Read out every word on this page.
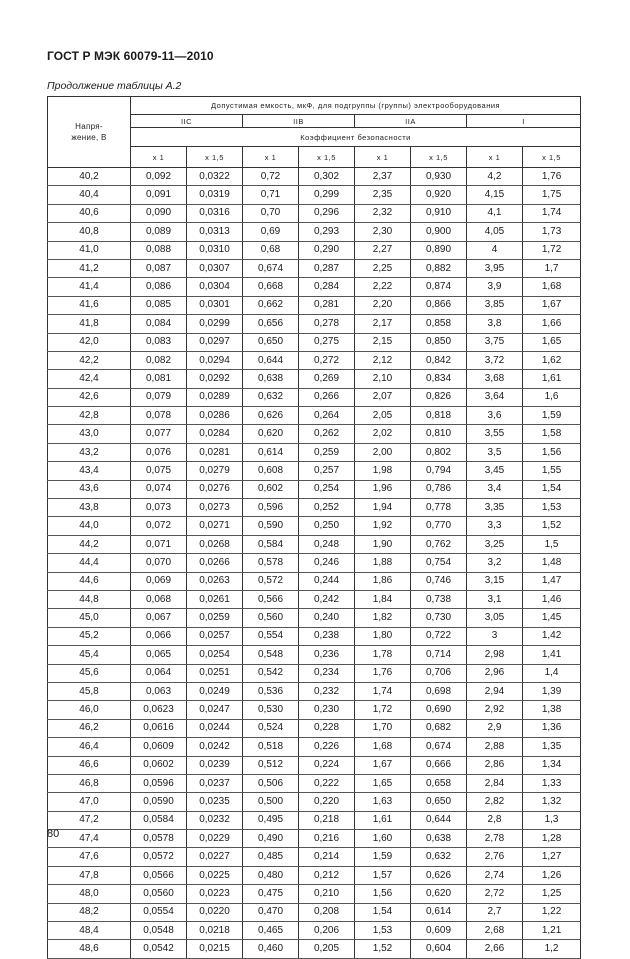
ГОСТ Р МЭК 60079-11—2010
Продолжение таблицы А.2
Напря-
жение, В	Допустимая емкость, мкФ, для подгруппы (группы) электрооборудования							
	IIC		IIB		IIA		I	
	Коэффициент безопасности							
	x 1	x 1,5	x 1	x 1,5	x 1	x 1,5	x 1	x 1,5
40,2	0,092	0,0322	0,72	0,302	2,37	0,930	4,2	1,76
40,4	0,091	0,0319	0,71	0,299	2,35	0,920	4,15	1,75
40,6	0,090	0,0316	0,70	0,296	2,32	0,910	4,1	1,74
40,8	0,089	0,0313	0,69	0,293	2,30	0,900	4,05	1,73
41,0	0,088	0,0310	0,68	0,290	2,27	0,890	4	1,72
41,2	0,087	0,0307	0,674	0,287	2,25	0,882	3,95	1,7
41,4	0,086	0,0304	0,668	0,284	2,22	0,874	3,9	1,68
41,6	0,085	0,0301	0,662	0,281	2,20	0,866	3,85	1,67
41,8	0,084	0,0299	0,656	0,278	2,17	0,858	3,8	1,66
42,0	0,083	0,0297	0,650	0,275	2,15	0,850	3,75	1,65
42,2	0,082	0,0294	0,644	0,272	2,12	0,842	3,72	1,62
42,4	0,081	0,0292	0,638	0,269	2,10	0,834	3,68	1,61
42,6	0,079	0,0289	0,632	0,266	2,07	0,826	3,64	1,6
42,8	0,078	0,0286	0,626	0,264	2,05	0,818	3,6	1,59
43,0	0,077	0,0284	0,620	0,262	2,02	0,810	3,55	1,58
43,2	0,076	0,0281	0,614	0,259	2,00	0,802	3,5	1,56
43,4	0,075	0,0279	0,608	0,257	1,98	0,794	3,45	1,55
43,6	0,074	0,0276	0,602	0,254	1,96	0,786	3,4	1,54
43,8	0,073	0,0273	0,596	0,252	1,94	0,778	3,35	1,53
44,0	0,072	0,0271	0,590	0,250	1,92	0,770	3,3	1,52
44,2	0,071	0,0268	0,584	0,248	1,90	0,762	3,25	1,5
44,4	0,070	0,0266	0,578	0,246	1,88	0,754	3,2	1,48
44,6	0,069	0,0263	0,572	0,244	1,86	0,746	3,15	1,47
44,8	0,068	0,0261	0,566	0,242	1,84	0,738	3,1	1,46
45,0	0,067	0,0259	0,560	0,240	1,82	0,730	3,05	1,45
45,2	0,066	0,0257	0,554	0,238	1,80	0,722	3	1,42
45,4	0,065	0,0254	0,548	0,236	1,78	0,714	2,98	1,41
45,6	0,064	0,0251	0,542	0,234	1,76	0,706	2,96	1,4
45,8	0,063	0,0249	0,536	0,232	1,74	0,698	2,94	1,39
46,0	0,0623	0,0247	0,530	0,230	1,72	0,690	2,92	1,38
46,2	0,0616	0,0244	0,524	0,228	1,70	0,682	2,9	1,36
46,4	0,0609	0,0242	0,518	0,226	1,68	0,674	2,88	1,35
46,6	0,0602	0,0239	0,512	0,224	1,67	0,666	2,86	1,34
46,8	0,0596	0,0237	0,506	0,222	1,65	0,658	2,84	1,33
47,0	0,0590	0,0235	0,500	0,220	1,63	0,650	2,82	1,32
47,2	0,0584	0,0232	0,495	0,218	1,61	0,644	2,8	1,3
47,4	0,0578	0,0229	0,490	0,216	1,60	0,638	2,78	1,28
47,6	0,0572	0,0227	0,485	0,214	1,59	0,632	2,76	1,27
47,8	0,0566	0,0225	0,480	0,212	1,57	0,626	2,74	1,26
48,0	0,0560	0,0223	0,475	0,210	1,56	0,620	2,72	1,25
48,2	0,0554	0,0220	0,470	0,208	1,54	0,614	2,7	1,22
48,4	0,0548	0,0218	0,465	0,206	1,53	0,609	2,68	1,21
48,6	0,0542	0,0215	0,460	0,205	1,52	0,604	2,66	1,2
80
